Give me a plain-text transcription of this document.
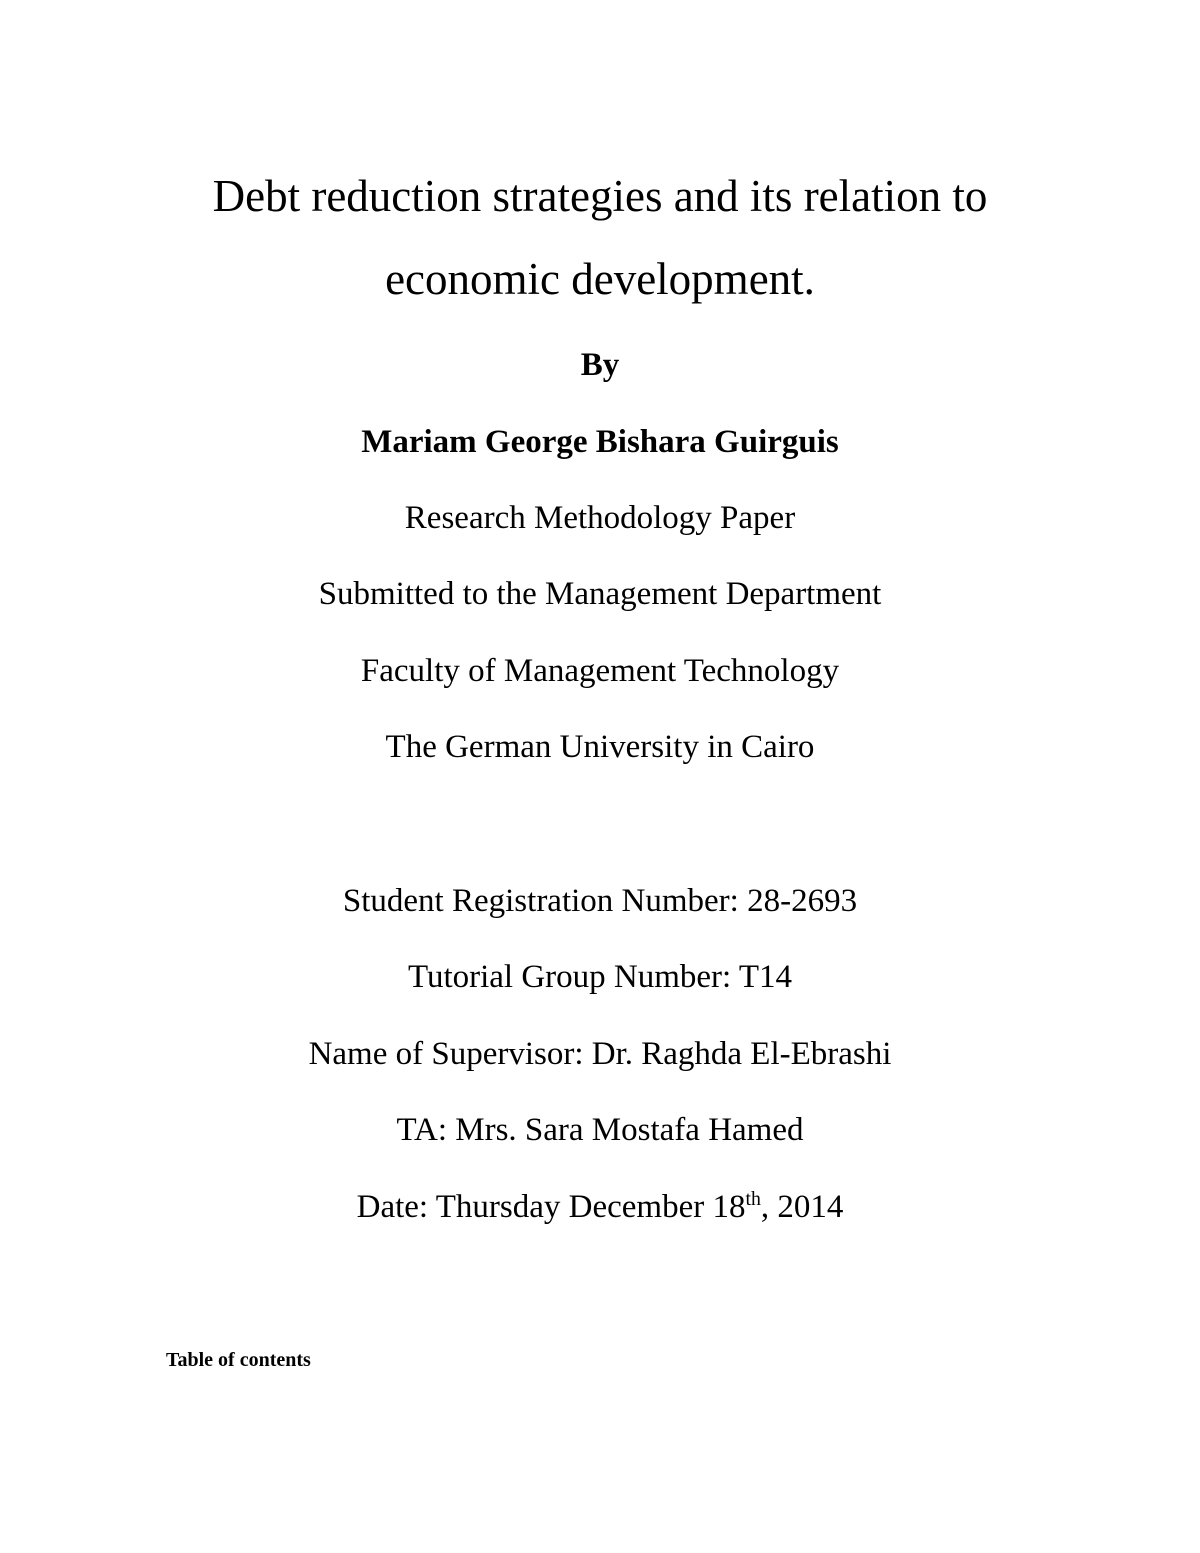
Debt reduction strategies and its relation to
economic development.
By
Mariam George Bishara Guirguis
Research Methodology Paper
Submitted to the Management Department
Faculty of Management Technology
The German University in Cairo
Student Registration Number: 28-2693
Tutorial Group Number: T14
Name of Supervisor: Dr. Raghda El-Ebrashi
TA: Mrs. Sara Mostafa Hamed
Date: Thursday December 18th, 2014
Table of contents
